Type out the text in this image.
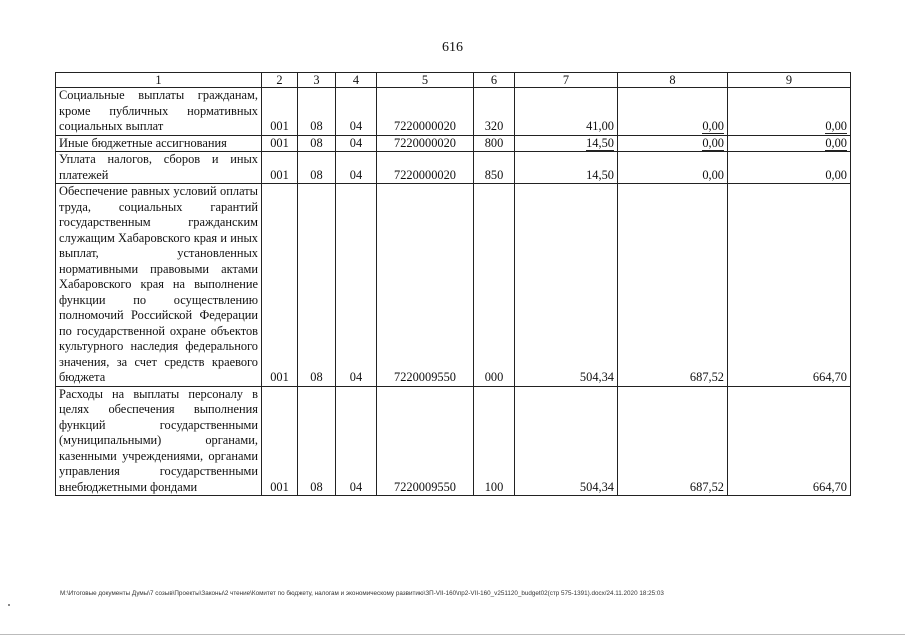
616
1	2	3	4	5	6	7	8	9
Социальные выплаты гражданам, кроме публичных нормативных социальных выплат	001	08	04	7220000020	320	41,00	0,00	0,00
Иные бюджетные ассигнования	001	08	04	7220000020	800	14,50	0,00	0,00
Уплата налогов, сборов и иных платежей	001	08	04	7220000020	850	14,50	0,00	0,00
Обеспечение равных условий оплаты труда, социальных гарантий государственным гражданским служащим Хабаровского края и иных выплат, установленных нормативными правовыми актами Хабаровского края на выполнение функции по осуществлению полномочий Российской Федерации по государственной охране объектов культурного наследия федерального значения, за счет средств краевого бюджета	001	08	04	7220009550	000	504,34	687,52	664,70
Расходы на выплаты персоналу в целях обеспечения выполнения функций государственными (муниципальными) органами, казенными учреждениями, органами управления государственными внебюджетными фондами	001	08	04	7220009550	100	504,34	687,52	664,70
M:\Итоговые документы Думы\7 созыв\Проекты\Законы\2 чтение\Комитет по бюджету, налогам и экономическому развитию\ЗП-VII-160\пр2-VII-160_v251120_budget02(стр 575-1391).docx/24.11.2020 18:25:03
